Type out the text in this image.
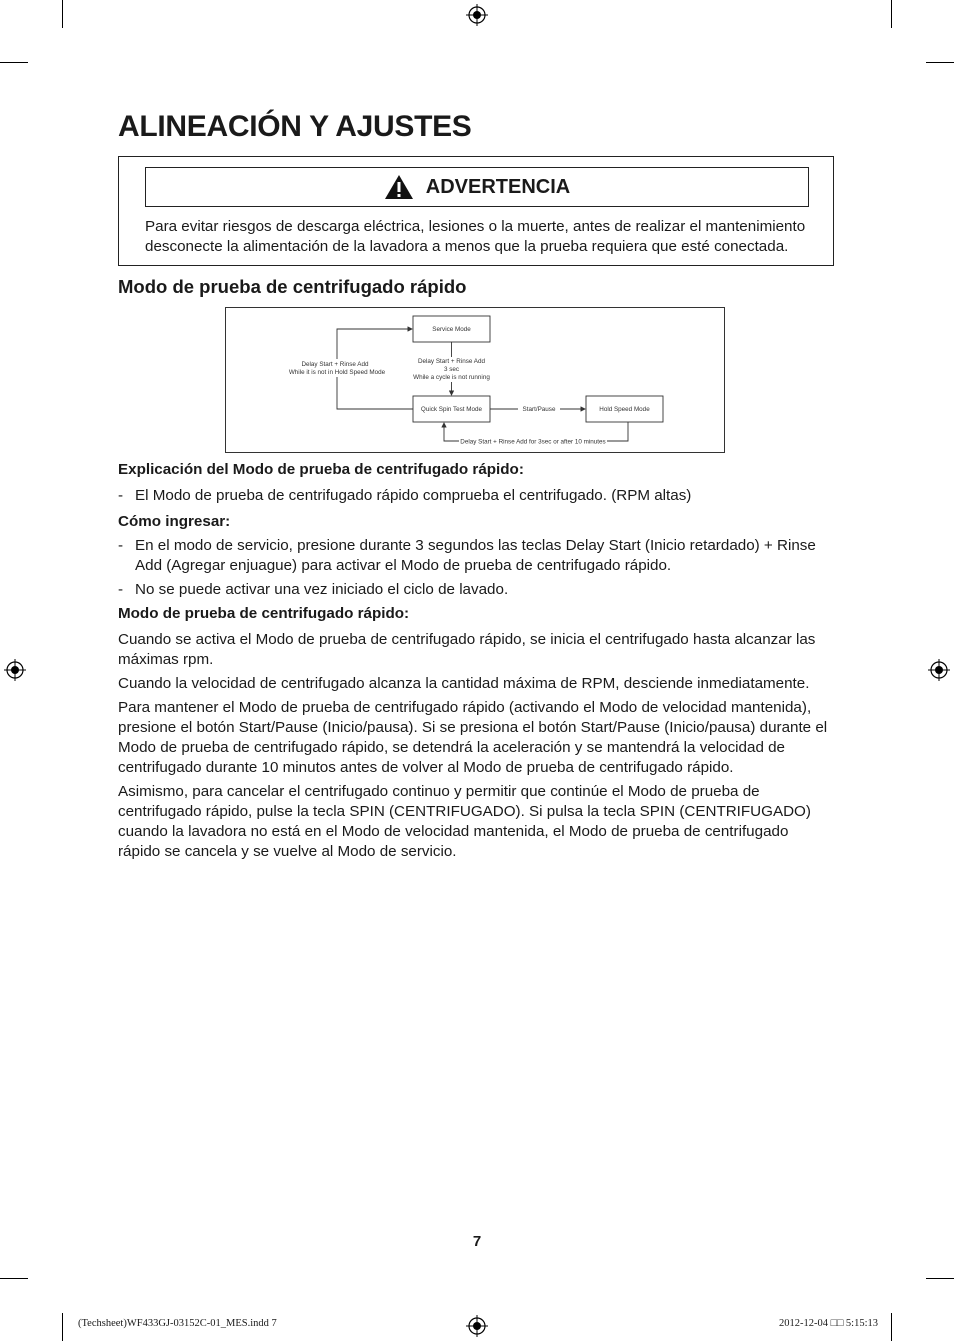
ALINEACIÓN Y AJUSTES
ADVERTENCIA

Para evitar riesgos de descarga eléctrica, lesiones o la muerte, antes de realizar el mantenimiento desconecte la alimentación de la lavadora a menos que la prueba requiera que esté conectada.

Modo de prueba de centrifugado rápido
Service Mode
Quick Spin Test Mode	Hold Speed Mode
Delay Start + Rinse Add
3 sec
While a cycle is not running
Delay Start + Rinse Add
While it is not in Hold Speed Mode
Start/Pause
Delay Start + Rinse Add for 3sec or after 10 minutes
Explicación del Modo de prueba de centrifugado rápido:
- El Modo de prueba de centrifugado rápido comprueba el centrifugado. (RPM altas)
Cómo ingresar:
- En el modo de servicio, presione durante 3 segundos las teclas Delay Start (Inicio retardado) + Rinse Add (Agregar enjuague) para activar el Modo de prueba de centrifugado rápido.
- No se puede activar una vez iniciado el ciclo de lavado.
Modo de prueba de centrifugado rápido:

Cuando se activa el Modo de prueba de centrifugado rápido, se inicia el centrifugado hasta alcanzar las máximas rpm.

Cuando la velocidad de centrifugado alcanza la cantidad máxima de RPM, desciende inmediatamente.

Para mantener el Modo de prueba de centrifugado rápido (activando el Modo de velocidad mantenida), presione el botón Start/Pause (Inicio/pausa). Si se presiona el botón Start/Pause (Inicio/pausa) durante el Modo de prueba de centrifugado rápido, se detendrá la aceleración y se mantendrá la velocidad de centrifugado durante 10 minutos antes de volver al Modo de prueba de centrifugado rápido.

Asimismo, para cancelar el centrifugado continuo y permitir que continúe el Modo de prueba de centrifugado rápido, pulse la tecla SPIN (CENTRIFUGADO). Si pulsa la tecla SPIN (CENTRIFUGADO) cuando la lavadora no está en el Modo de velocidad mantenida, el Modo de prueba de centrifugado rápido se cancela y se vuelve al Modo de servicio.

7

(Techsheet)WF433GJ-03152C-01_MES.indd 7	2012-12-04 □□ 5:15:13
